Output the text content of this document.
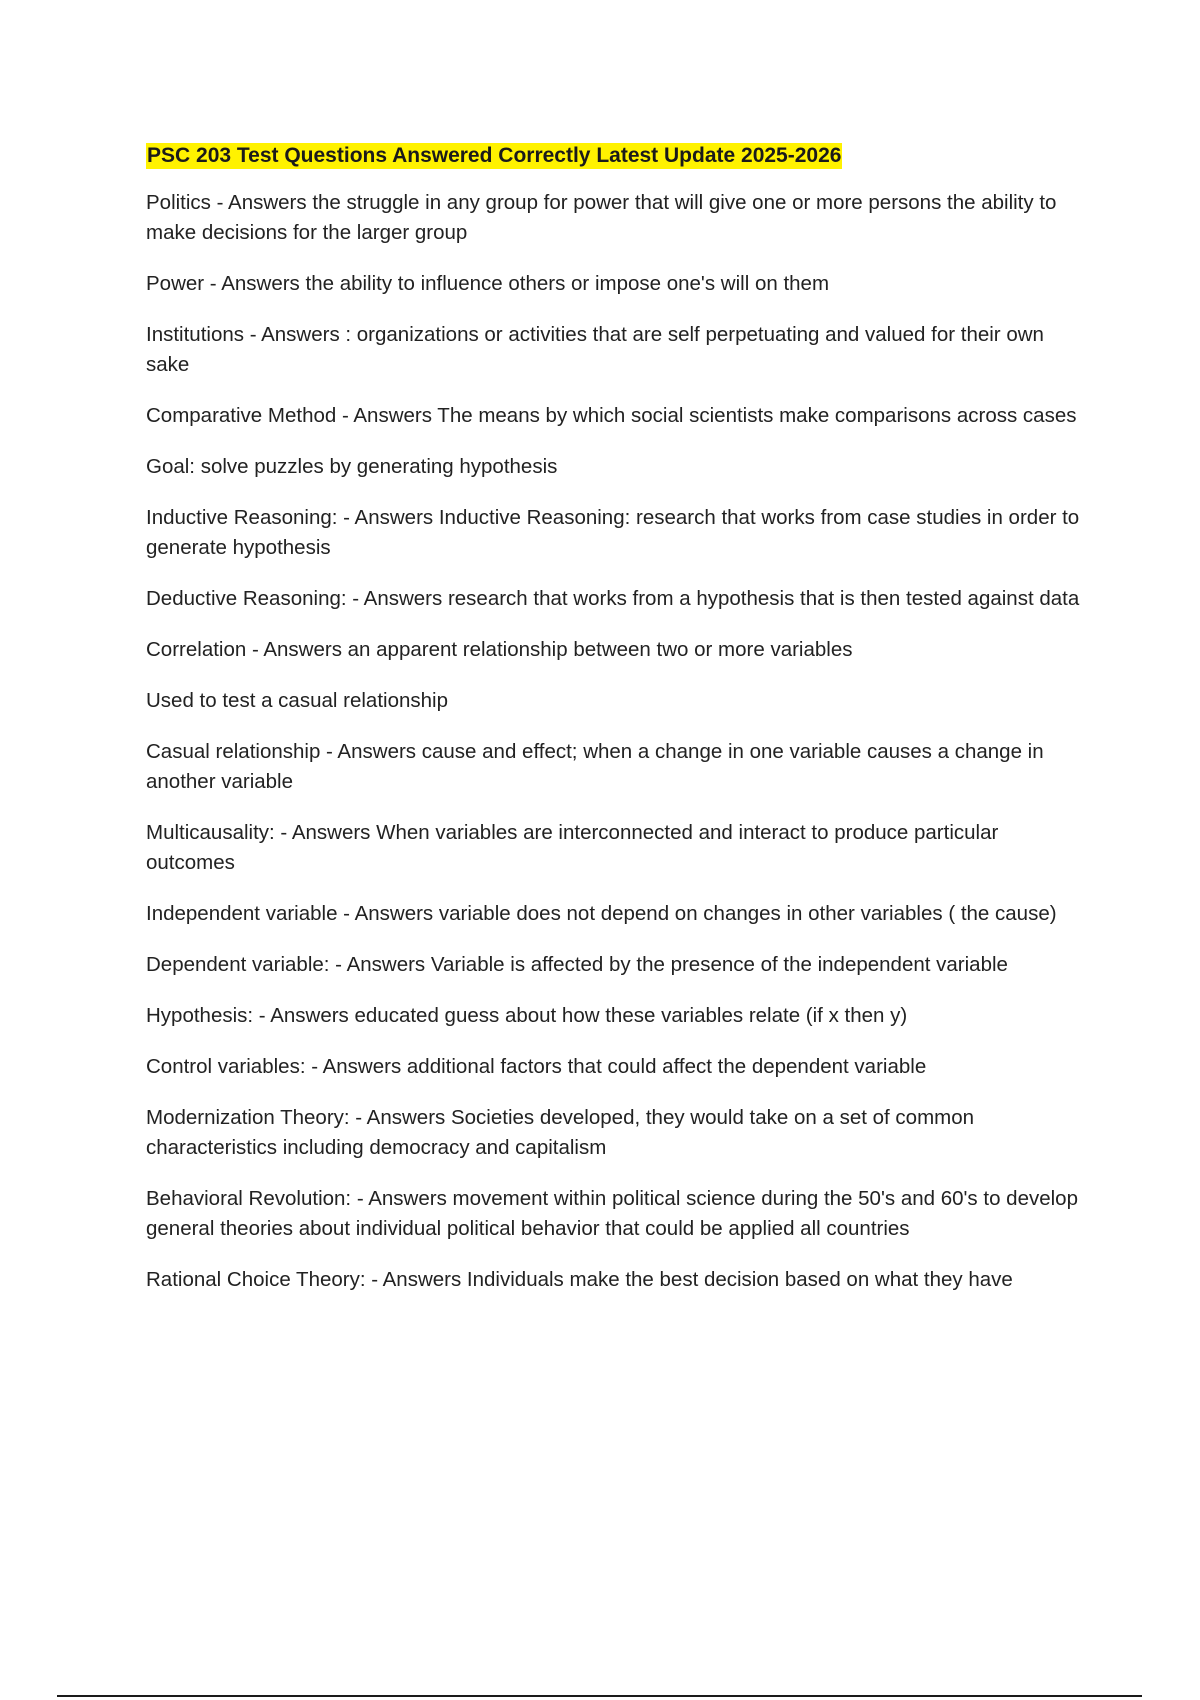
PSC 203 Test Questions Answered Correctly Latest Update 2025-2026

Politics - Answers the struggle in any group for power that will give one or more persons the ability to make decisions for the larger group

Power - Answers the ability to influence others or impose one's will on them

Institutions - Answers : organizations or activities that are self perpetuating and valued for their own sake

Comparative Method - Answers The means by which social scientists make comparisons across cases

Goal: solve puzzles by generating hypothesis

Inductive Reasoning: - Answers Inductive Reasoning: research that works from case studies in order to generate hypothesis

Deductive Reasoning: - Answers research that works from a hypothesis that is then tested against data

Correlation - Answers an apparent relationship between two or more variables

Used to test a casual relationship

Casual relationship - Answers cause and effect; when a change in one variable causes a change in another variable

Multicausality: - Answers When variables are interconnected and interact to produce particular outcomes

Independent variable - Answers variable does not depend on changes in other variables ( the cause)

Dependent variable: - Answers Variable is affected by the presence of the independent variable

Hypothesis: - Answers educated guess about how these variables relate (if x then y)

Control variables: - Answers additional factors that could affect the dependent variable

Modernization Theory: - Answers Societies developed, they would take on a set of common characteristics including democracy and capitalism

Behavioral Revolution: - Answers movement within political science during the 50's and 60's to develop general theories about individual political behavior that could be applied all countries

Rational Choice Theory: - Answers Individuals make the best decision based on what they have
